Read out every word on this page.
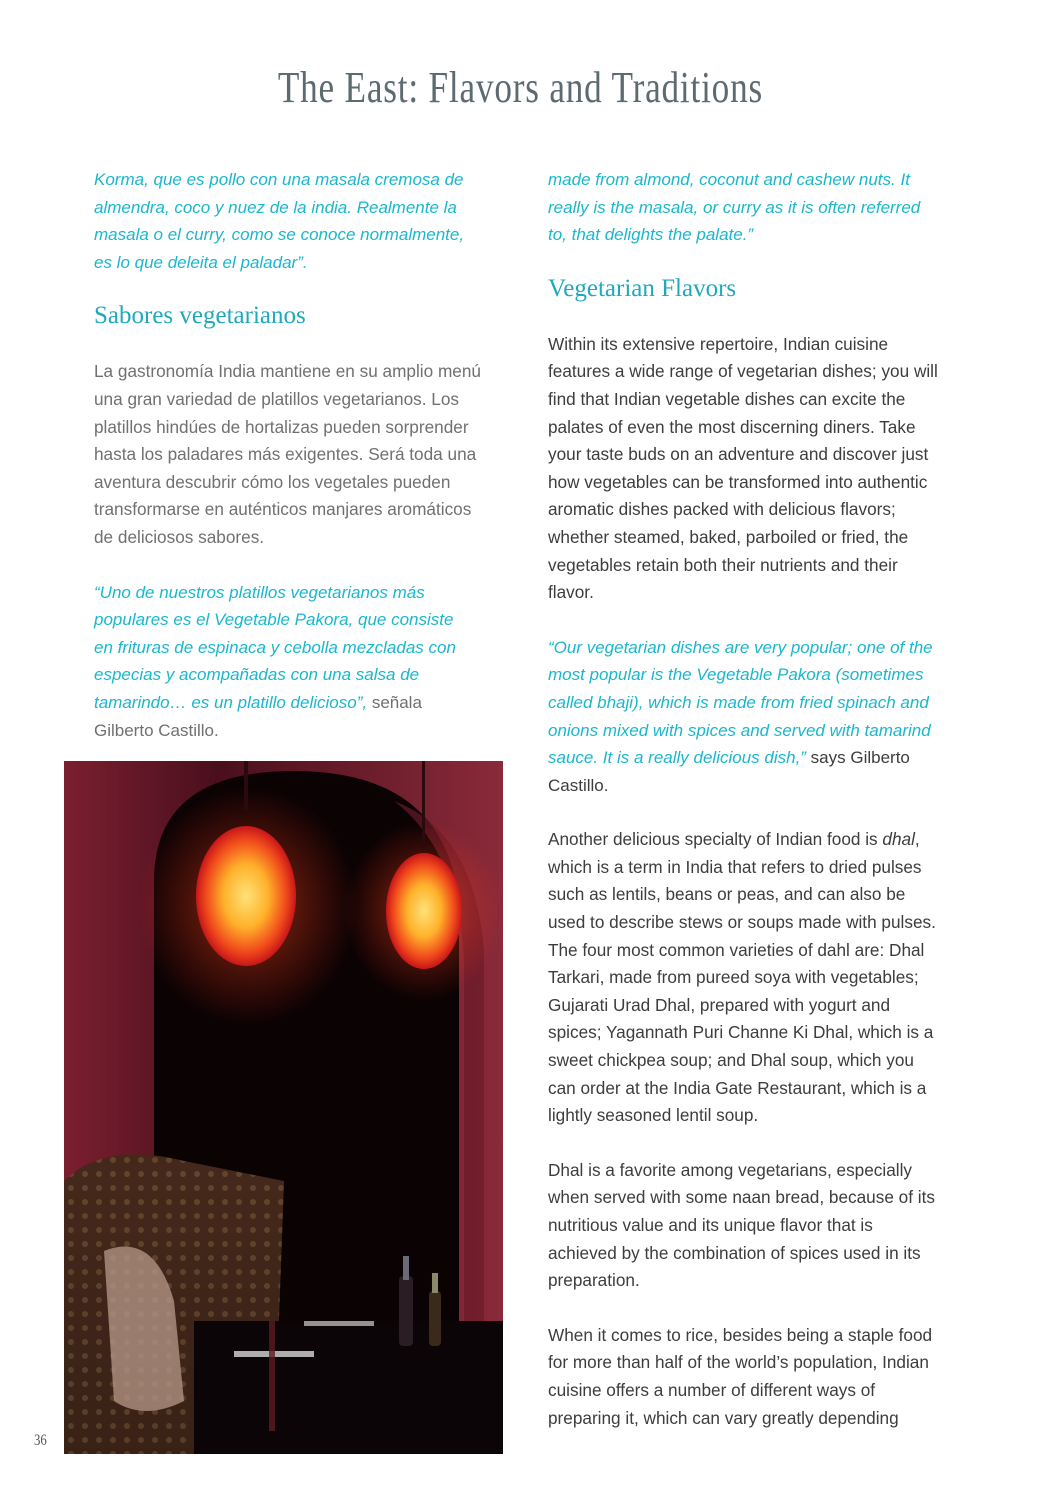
The East: Flavors and Traditions

Korma, que es pollo con una masala cremosa de almendra, coco y nuez de la india. Realmente la masala o el curry, como se conoce normalmente, es lo que deleita el paladar”.

Sabores vegetarianos

La gastronomía India mantiene en su amplio menú una gran variedad de platillos vegetarianos. Los platillos hindúes de hortalizas pueden sorprender hasta los paladares más exigentes. Será toda una aventura descubrir cómo los vegetales pueden transformarse en auténticos manjares aromáticos de deliciosos sabores.

“Uno de nuestros platillos vegetarianos más populares es el Vegetable Pakora, que consiste en frituras de espinaca y cebolla mezcladas con especias y acompañadas con una salsa de tamarindo… es un platillo delicioso”, señala Gilberto Castillo.

made from almond, coconut and cashew nuts. It really is the masala, or curry as it is often referred to, that delights the palate.”

Vegetarian Flavors

Within its extensive repertoire, Indian cuisine features a wide range of vegetarian dishes; you will find that Indian vegetable dishes can excite the palates of even the most discerning diners. Take your taste buds on an adventure and discover just how vegetables can be transformed into authentic aromatic dishes packed with delicious flavors; whether steamed, baked, parboiled or fried, the vegetables retain both their nutrients and their flavor.

“Our vegetarian dishes are very popular; one of the most popular is the Vegetable Pakora (sometimes called bhaji), which is made from fried spinach and onions mixed with spices and served with tamarind sauce. It is a really delicious dish,” says Gilberto Castillo.

Another delicious specialty of Indian food is dhal, which is a term in India that refers to dried pulses such as lentils, beans or peas, and can also be used to describe stews or soups made with pulses. The four most common varieties of dahl are: Dhal Tarkari, made from pureed soya with vegetables; Gujarati Urad Dhal, prepared with yogurt and spices; Yagannath Puri Channe Ki Dhal, which is a sweet chickpea soup; and Dhal soup, which you can order at the India Gate Restaurant, which is a lightly seasoned lentil soup.

Dhal is a favorite among vegetarians, especially when served with some naan bread, because of its nutritious value and its unique flavor that is achieved by the combination of spices used in its preparation.

When it comes to rice, besides being a staple food for more than half of the world’s population, Indian cuisine offers a number of different ways of preparing it, which can vary greatly depending

36
